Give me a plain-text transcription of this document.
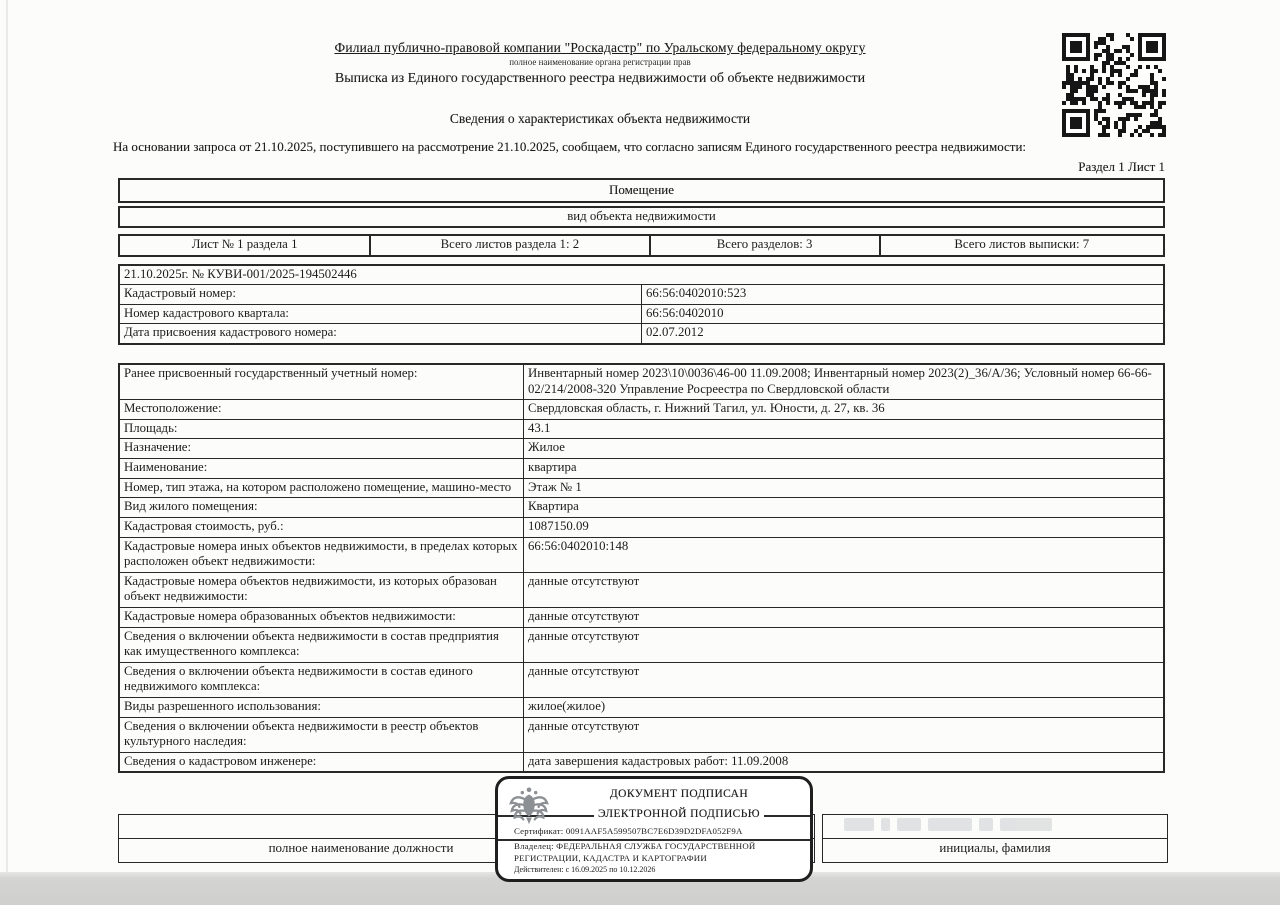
Филиал публично-правовой компании "Роскадастр" по Уральскому федеральному округу
полное наименование органа регистрации прав
Выписка из Единого государственного реестра недвижимости об объекте недвижимости
Сведения о характеристиках объекта недвижимости
На основании запроса от 21.10.2025, поступившего на рассмотрение 21.10.2025, сообщаем, что согласно записям Единого государственного реестра недвижимости:
Раздел 1 Лист 1
Помещение
вид объекта недвижимости
Лист № 1 раздела 1	Всего листов раздела 1: 2	Всего разделов: 3	Всего листов выписки: 7
21.10.2025г. № КУВИ-001/2025-194502446	
Кадастровый номер:	66:56:0402010:523
Номер кадастрового квартала:	66:56:0402010
Дата присвоения кадастрового номера:	02.07.2012
Ранее присвоенный государственный учетный номер:	Инвентарный номер 2023\10\0036\46-00 11.09.2008; Инвентарный номер 2023(2)_36/А/36; Условный номер 66-66-02/214/2008-320 Управление Росреестра по Свердловской области
Местоположение:	Свердловская область, г. Нижний Тагил, ул. Юности, д. 27, кв. 36
Площадь:	43.1
Назначение:	Жилое
Наименование:	квартира
Номер, тип этажа, на котором расположено помещение, машино-место	Этаж № 1
Вид жилого помещения:	Квартира
Кадастровая стоимость, руб.:	1087150.09
Кадастровые номера иных объектов недвижимости, в пределах которых расположен объект недвижимости:	66:56:0402010:148
Кадастровые номера объектов недвижимости, из которых образован объект недвижимости:	данные отсутствуют
Кадастровые номера образованных объектов недвижимости:	данные отсутствуют
Сведения о включении объекта недвижимости в состав предприятия как имущественного комплекса:	данные отсутствуют
Сведения о включении объекта недвижимости в состав единого недвижимого комплекса:	данные отсутствуют
Виды разрешенного использования:	жилое(жилое)
Сведения о включении объекта недвижимости в реестр объектов культурного наследия:	данные отсутствуют
Сведения о кадастровом инженере:	дата завершения кадастровых работ: 11.09.2008

полное наименование должности	инициалы, фамилия
ДОКУМЕНТ ПОДПИСАН
ЭЛЕКТРОННОЙ ПОДПИСЬЮ
Сертификат: 0091AAF5A599507BC7E6D39D2DFA052F9A
Владелец: ФЕДЕРАЛЬНАЯ СЛУЖБА ГОСУДАРСТВЕННОЙ
РЕГИСТРАЦИИ, КАДАСТРА И КАРТОГРАФИИ
Действителен: с 16.09.2025 по 10.12.2026
